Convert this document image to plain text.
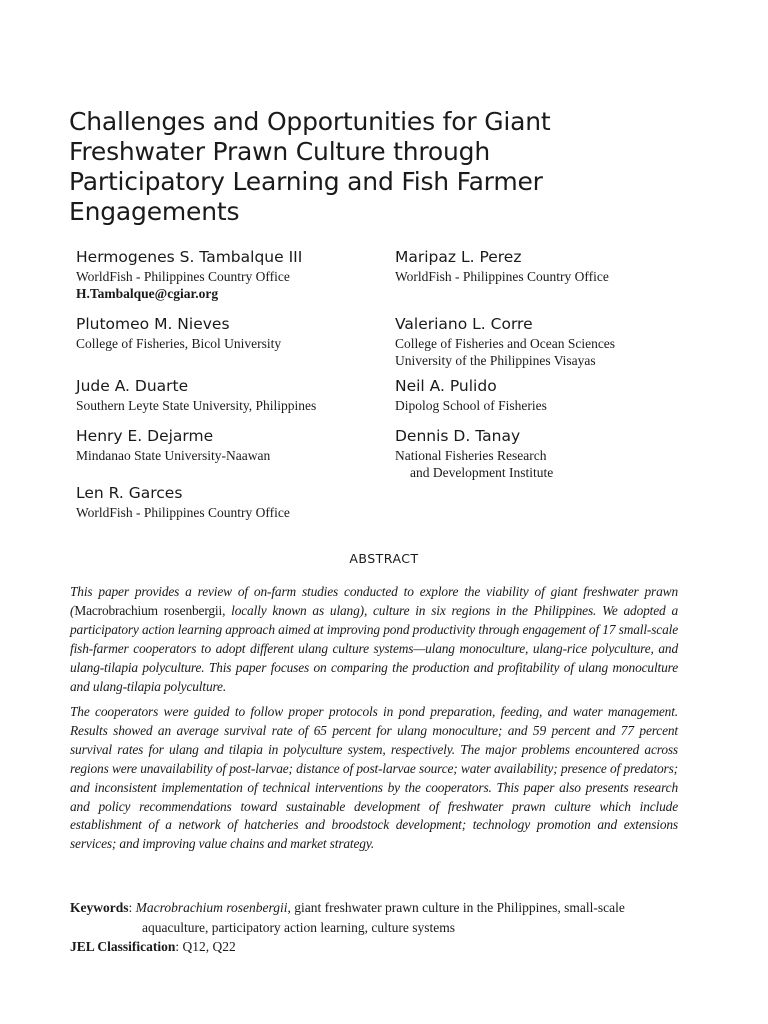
Challenges and Opportunities for Giant
Freshwater Prawn Culture through
Participatory Learning and Fish Farmer
Engagements
Hermogenes S. Tambalque III
WorldFish - Philippines Country Office
H.Tambalque@cgiar.org
Plutomeo M. Nieves
College of Fisheries, Bicol University
Jude A. Duarte
Southern Leyte State University, Philippines
Henry E. Dejarme
Mindanao State University-Naawan
Len R. Garces
WorldFish - Philippines Country Office
Maripaz L. Perez
WorldFish - Philippines Country Office
Valeriano L. Corre
College of Fisheries and Ocean Sciences
University of the Philippines Visayas
Neil A. Pulido
Dipolog School of Fisheries
Dennis D. Tanay
National Fisheries Research
and Development Institute
ABSTRACT

This paper provides a review of on-farm studies conducted to explore the viability of giant freshwater prawn (Macrobrachium rosenbergii, locally known as ulang), culture in six regions in the Philippines. We adopted a participatory action learning approach aimed at improving pond productivity through engagement of 17 small-scale fish-farmer cooperators to adopt different ulang culture systems—ulang monoculture, ulang-rice polyculture, and ulang-tilapia polyculture. This paper focuses on comparing the production and profitability of ulang monoculture and ulang-tilapia polyculture.

The cooperators were guided to follow proper protocols in pond preparation, feeding, and water management. Results showed an average survival rate of 65 percent for ulang monoculture; and 59 percent and 77 percent survival rates for ulang and tilapia in polyculture system, respectively. The major problems encountered across regions were unavailability of post-larvae; distance of post-larvae source; water availability; presence of predators; and inconsistent implementation of technical interventions by the cooperators. This paper also presents research and policy recommendations toward sustainable development of freshwater prawn culture which include establishment of a network of hatcheries and broodstock development; technology promotion and extensions services; and improving value chains and market strategy.

Keywords: Macrobrachium rosenbergii, giant freshwater prawn culture in the Philippines, small-scale
aquaculture, participatory action learning, culture systems
JEL Classification: Q12, Q22
